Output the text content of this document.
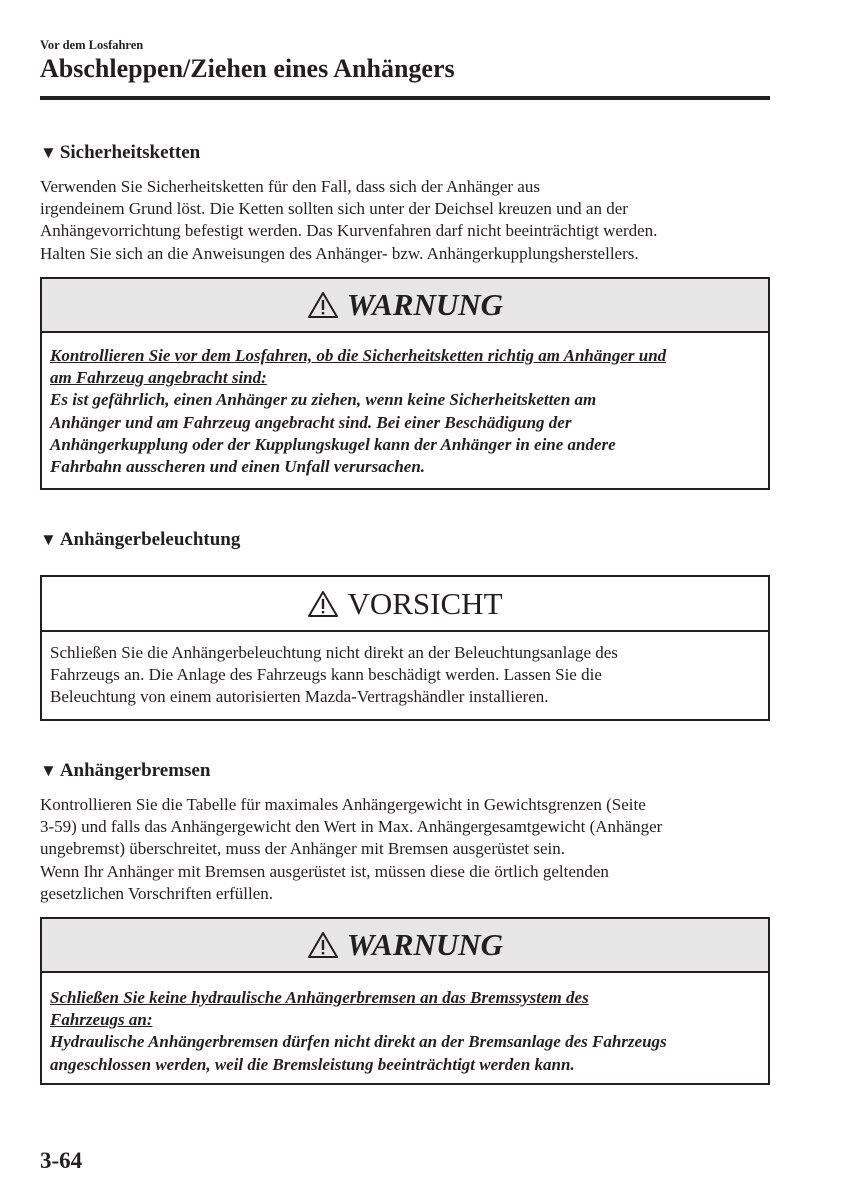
Vor dem Losfahren
Abschleppen/Ziehen eines Anhängers
▼ Sicherheitsketten
Verwenden Sie Sicherheitsketten für den Fall, dass sich der Anhänger aus
irgendeinem Grund löst. Die Ketten sollten sich unter der Deichsel kreuzen und an der
Anhängevorrichtung befestigt werden. Das Kurvenfahren darf nicht beeinträchtigt werden.
Halten Sie sich an die Anweisungen des Anhänger- bzw. Anhängerkupplungsherstellers.
WARNUNG
Kontrollieren Sie vor dem Losfahren, ob die Sicherheitsketten richtig am Anhänger und
am Fahrzeug angebracht sind:
Es ist gefährlich, einen Anhänger zu ziehen, wenn keine Sicherheitsketten am
Anhänger und am Fahrzeug angebracht sind. Bei einer Beschädigung der
Anhängerkupplung oder der Kupplungskugel kann der Anhänger in eine andere
Fahrbahn ausscheren und einen Unfall verursachen.
▼ Anhängerbeleuchtung
VORSICHT
Schließen Sie die Anhängerbeleuchtung nicht direkt an der Beleuchtungsanlage des
Fahrzeugs an. Die Anlage des Fahrzeugs kann beschädigt werden. Lassen Sie die
Beleuchtung von einem autorisierten Mazda-Vertragshändler installieren.
▼ Anhängerbremsen
Kontrollieren Sie die Tabelle für maximales Anhängergewicht in Gewichtsgrenzen (Seite
3-59) und falls das Anhängergewicht den Wert in Max. Anhängergesamtgewicht (Anhänger
ungebremst) überschreitet, muss der Anhänger mit Bremsen ausgerüstet sein.
Wenn Ihr Anhänger mit Bremsen ausgerüstet ist, müssen diese die örtlich geltenden
gesetzlichen Vorschriften erfüllen.
WARNUNG
Schließen Sie keine hydraulische Anhängerbremsen an das Bremssystem des
Fahrzeugs an:
Hydraulische Anhängerbremsen dürfen nicht direkt an der Bremsanlage des Fahrzeugs
angeschlossen werden, weil die Bremsleistung beeinträchtigt werden kann.
3-64
